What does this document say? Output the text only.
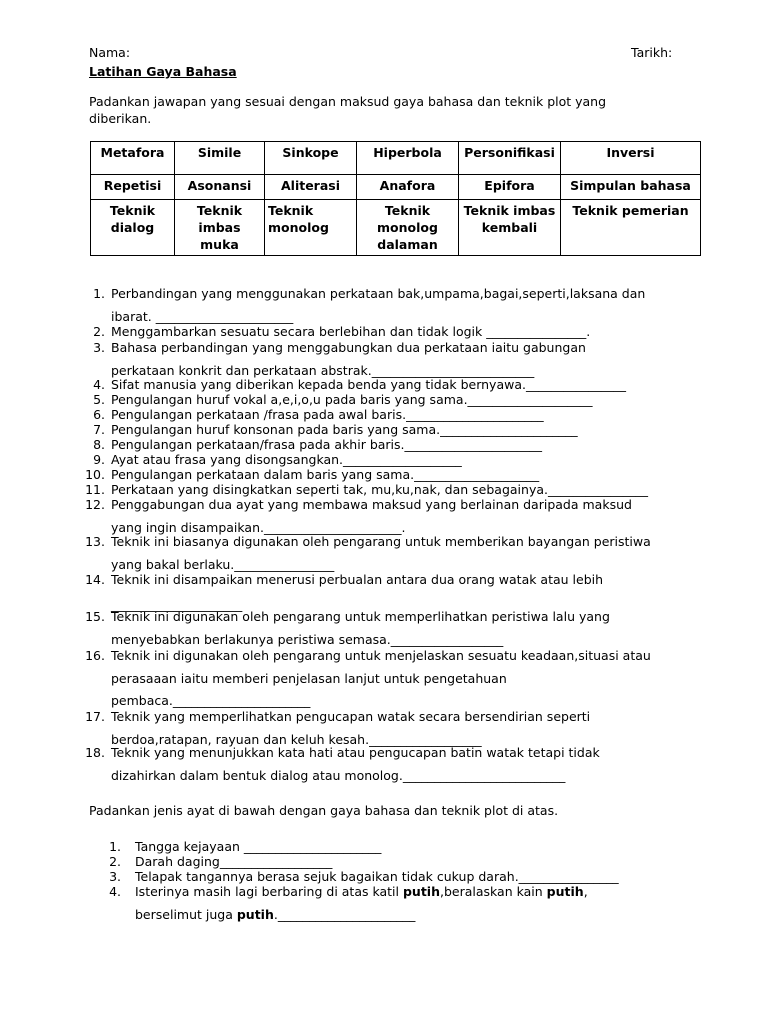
Nama:	Tarikh:
Latihan Gaya Bahasa
Padankan jawapan yang sesuai dengan maksud gaya bahasa dan teknik plot yang diberikan.
Metafora	Simile	Sinkope	Hiperbola	Personifikasi	Inversi
Repetisi	Asonansi	Aliterasi	Anafora	Epifora	Simpulan bahasa
Teknik dialog	Teknik imbas muka	Teknik monolog	Teknik monolog dalaman	Teknik imbas kembali	Teknik pemerian
1. Perbandingan yang menggunakan perkataan bak,umpama,bagai,seperti,laksana dan
ibarat. ______________________
2. Menggambarkan sesuatu secara berlebihan dan tidak logik ________________.
3. Bahasa perbandingan yang menggabungkan dua perkataan iaitu gabungan
perkataan konkrit dan perkataan abstrak.__________________________
4. Sifat manusia yang diberikan kepada benda yang tidak bernyawa.________________
5. Pengulangan huruf vokal a,e,i,o,u pada baris yang sama.____________________
6. Pengulangan perkataan /frasa pada awal baris.______________________
7. Pengulangan huruf konsonan pada baris yang sama.______________________
8. Pengulangan perkataan/frasa pada akhir baris.______________________
9. Ayat atau frasa yang disongsangkan.___________________
10. Pengulangan perkataan dalam baris yang sama.____________________
11. Perkataan yang disingkatkan seperti tak, mu,ku,nak, dan sebagainya.________________
12. Penggabungan dua ayat yang membawa maksud yang berlainan daripada maksud
yang ingin disampaikan.______________________.
13. Teknik ini biasanya digunakan oleh pengarang untuk memberikan bayangan peristiwa
yang bakal berlaku.________________
14. Teknik ini disampaikan menerusi perbualan antara dua orang watak atau lebih
_____________________
15. Teknik ini digunakan oleh pengarang untuk memperlihatkan peristiwa lalu yang
menyebabkan berlakunya peristiwa semasa.__________________
16. Teknik ini digunakan oleh pengarang untuk menjelaskan sesuatu keadaan,situasi atau
perasaaan iaitu memberi penjelasan lanjut untuk pengetahuan
pembaca.______________________
17. Teknik yang memperlihatkan pengucapan watak secara bersendirian seperti
berdoa,ratapan, rayuan dan keluh kesah.__________________
18. Teknik yang menunjukkan kata hati atau pengucapan batin watak tetapi tidak
dizahirkan dalam bentuk dialog atau monolog.__________________________
Padankan jenis ayat di bawah dengan gaya bahasa dan teknik plot di atas.
1. Tangga kejayaan ______________________
2. Darah daging__________________
3. Telapak tangannya berasa sejuk bagaikan tidak cukup darah.________________
4. Isterinya masih lagi berbaring di atas katil putih,beralaskan kain putih,
berselimut juga putih.______________________
